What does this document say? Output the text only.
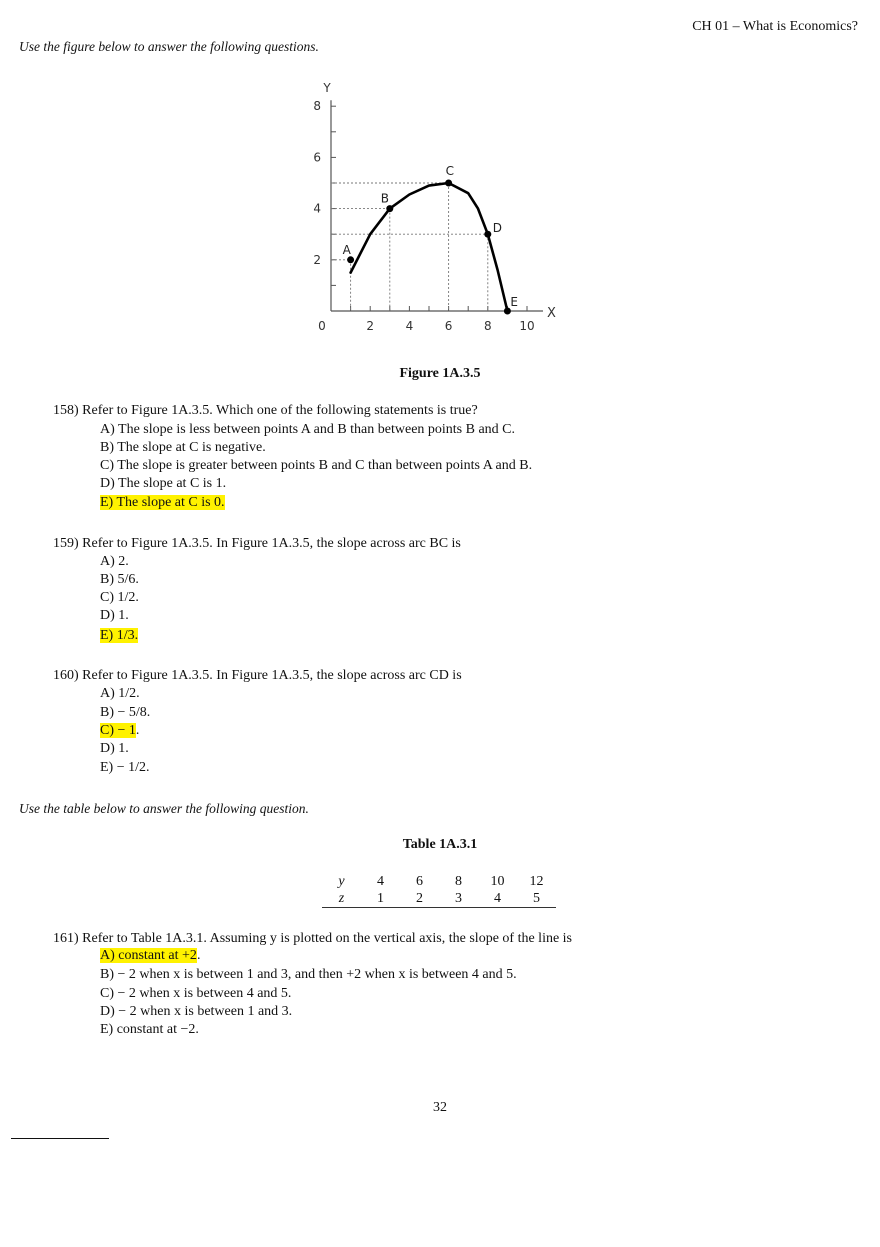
CH 01 – What is Economics?
Use the figure below to answer the following questions.
X
Y
2
4
6
8
0	2	4	6	8 10
A
B
C
D
E
Figure 1A.3.5
158) Refer to Figure 1A.3.5. Which one of the following statements is true?
A) The slope is less between points A and B than between points B and C.
B) The slope at C is negative.
C) The slope is greater between points B and C than between points A and B.
D) The slope at C is 1.
E) The slope at C is 0.
159) Refer to Figure 1A.3.5. In Figure 1A.3.5, the slope across arc BC is
A) 2.
B) 5/6.
C) 1/2.
D) 1.
E) 1/3.
160) Refer to Figure 1A.3.5. In Figure 1A.3.5, the slope across arc CD is
A) 1/2.
B) − 5/8.
C) − 1.
D) 1.
E) − 1/2.
Use the table below to answer the following question.
Table 1A.3.1
y	4	6	8	10	12
z	1	2	3	4	5
161) Refer to Table 1A.3.1. Assuming y is plotted on the vertical axis, the slope of the line is
A) constant at +2.
B) − 2 when x is between 1 and 3, and then +2 when x is between 4 and 5.
C) − 2 when x is between 4 and 5.
D) − 2 when x is between 1 and 3.
E) constant at −2.
32
